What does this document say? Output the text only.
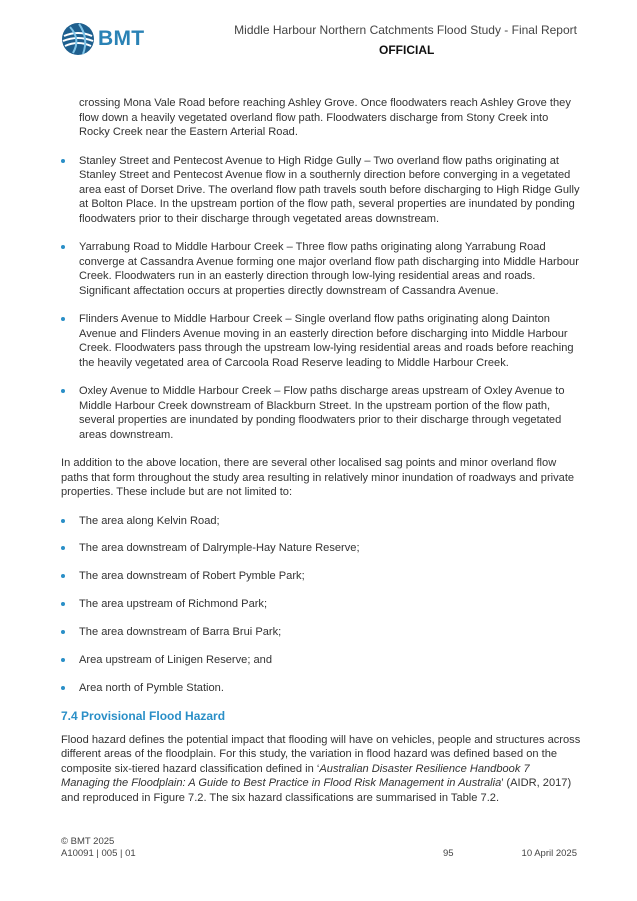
BMT	Middle Harbour Northern Catchments Flood Study - Final Report
OFFICIAL

crossing Mona Vale Road before reaching Ashley Grove. Once floodwaters reach Ashley Grove they flow down a heavily vegetated overland flow path. Floodwaters discharge from Stony Creek into Rocky Creek near the Eastern Arterial Road.

Stanley Street and Pentecost Avenue to High Ridge Gully – Two overland flow paths originating at Stanley Street and Pentecost Avenue flow in a southernly direction before converging in a vegetated area east of Dorset Drive. The overland flow path travels south before discharging to High Ridge Gully at Bolton Place. In the upstream portion of the flow path, several properties are inundated by ponding floodwaters prior to their discharge through vegetated areas downstream.
Yarrabung Road to Middle Harbour Creek – Three flow paths originating along Yarrabung Road converge at Cassandra Avenue forming one major overland flow path discharging into Middle Harbour Creek. Floodwaters run in an easterly direction through low-lying residential areas and roads. Significant affectation occurs at properties directly downstream of Cassandra Avenue.
Flinders Avenue to Middle Harbour Creek – Single overland flow paths originating along Dainton Avenue and Flinders Avenue moving in an easterly direction before discharging into Middle Harbour Creek. Floodwaters pass through the upstream low-lying residential areas and roads before reaching the heavily vegetated area of Carcoola Road Reserve leading to Middle Harbour Creek.
Oxley Avenue to Middle Harbour Creek – Flow paths discharge areas upstream of Oxley Avenue to Middle Harbour Creek downstream of Blackburn Street. In the upstream portion of the flow path, several properties are inundated by ponding floodwaters prior to their discharge through vegetated areas downstream.

In addition to the above location, there are several other localised sag points and minor overland flow paths that form throughout the study area resulting in relatively minor inundation of roadways and private properties. These include but are not limited to:

The area along Kelvin Road;
The area downstream of Dalrymple-Hay Nature Reserve;
The area downstream of Robert Pymble Park;
The area upstream of Richmond Park;
The area downstream of Barra Brui Park;
Area upstream of Linigen Reserve; and
Area north of Pymble Station.
7.4 Provisional Flood Hazard

Flood hazard defines the potential impact that flooding will have on vehicles, people and structures across different areas of the floodplain. For this study, the variation in flood hazard was defined based on the composite six-tiered hazard classification defined in ‘Australian Disaster Resilience Handbook 7 Managing the Floodplain: A Guide to Best Practice in Flood Risk Management in Australia’ (AIDR, 2017) and reproduced in Figure 7.2. The six hazard classifications are summarised in Table 7.2.

© BMT 2025
A10091 | 005 | 01	95	10 April 2025
